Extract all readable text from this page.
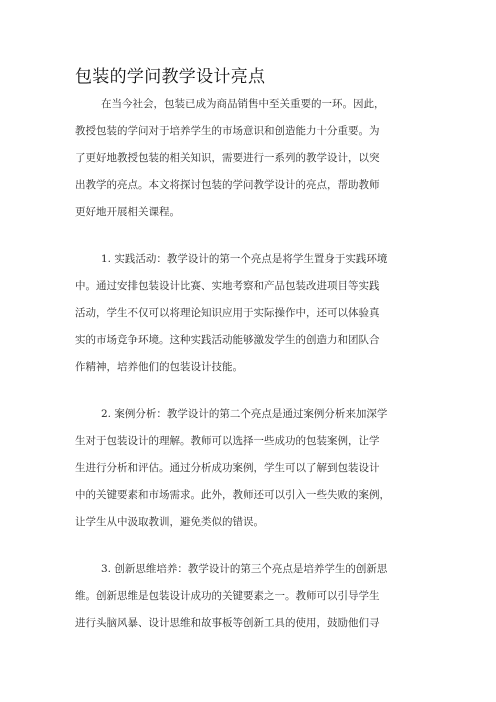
包装的学问教学设计亮点

在当今社会，包装已成为商品销售中至关重要的一环。因此，

教授包装的学问对于培养学生的市场意识和创造能力十分重要。为

了更好地教授包装的相关知识，需要进行一系列的教学设计，以突

出教学的亮点。本文将探讨包装的学问教学设计的亮点，帮助教师

更好地开展相关课程。

1. 实践活动：教学设计的第一个亮点是将学生置身于实践环境

中。通过安排包装设计比赛、实地考察和产品包装改进项目等实践

活动，学生不仅可以将理论知识应用于实际操作中，还可以体验真

实的市场竞争环境。这种实践活动能够激发学生的创造力和团队合

作精神，培养他们的包装设计技能。

2. 案例分析：教学设计的第二个亮点是通过案例分析来加深学

生对于包装设计的理解。教师可以选择一些成功的包装案例，让学

生进行分析和评估。通过分析成功案例，学生可以了解到包装设计

中的关键要素和市场需求。此外，教师还可以引入一些失败的案例，

让学生从中汲取教训，避免类似的错误。

3. 创新思维培养：教学设计的第三个亮点是培养学生的创新思

维。创新思维是包装设计成功的关键要素之一。教师可以引导学生

进行头脑风暴、设计思维和故事板等创新工具的使用，鼓励他们寻
